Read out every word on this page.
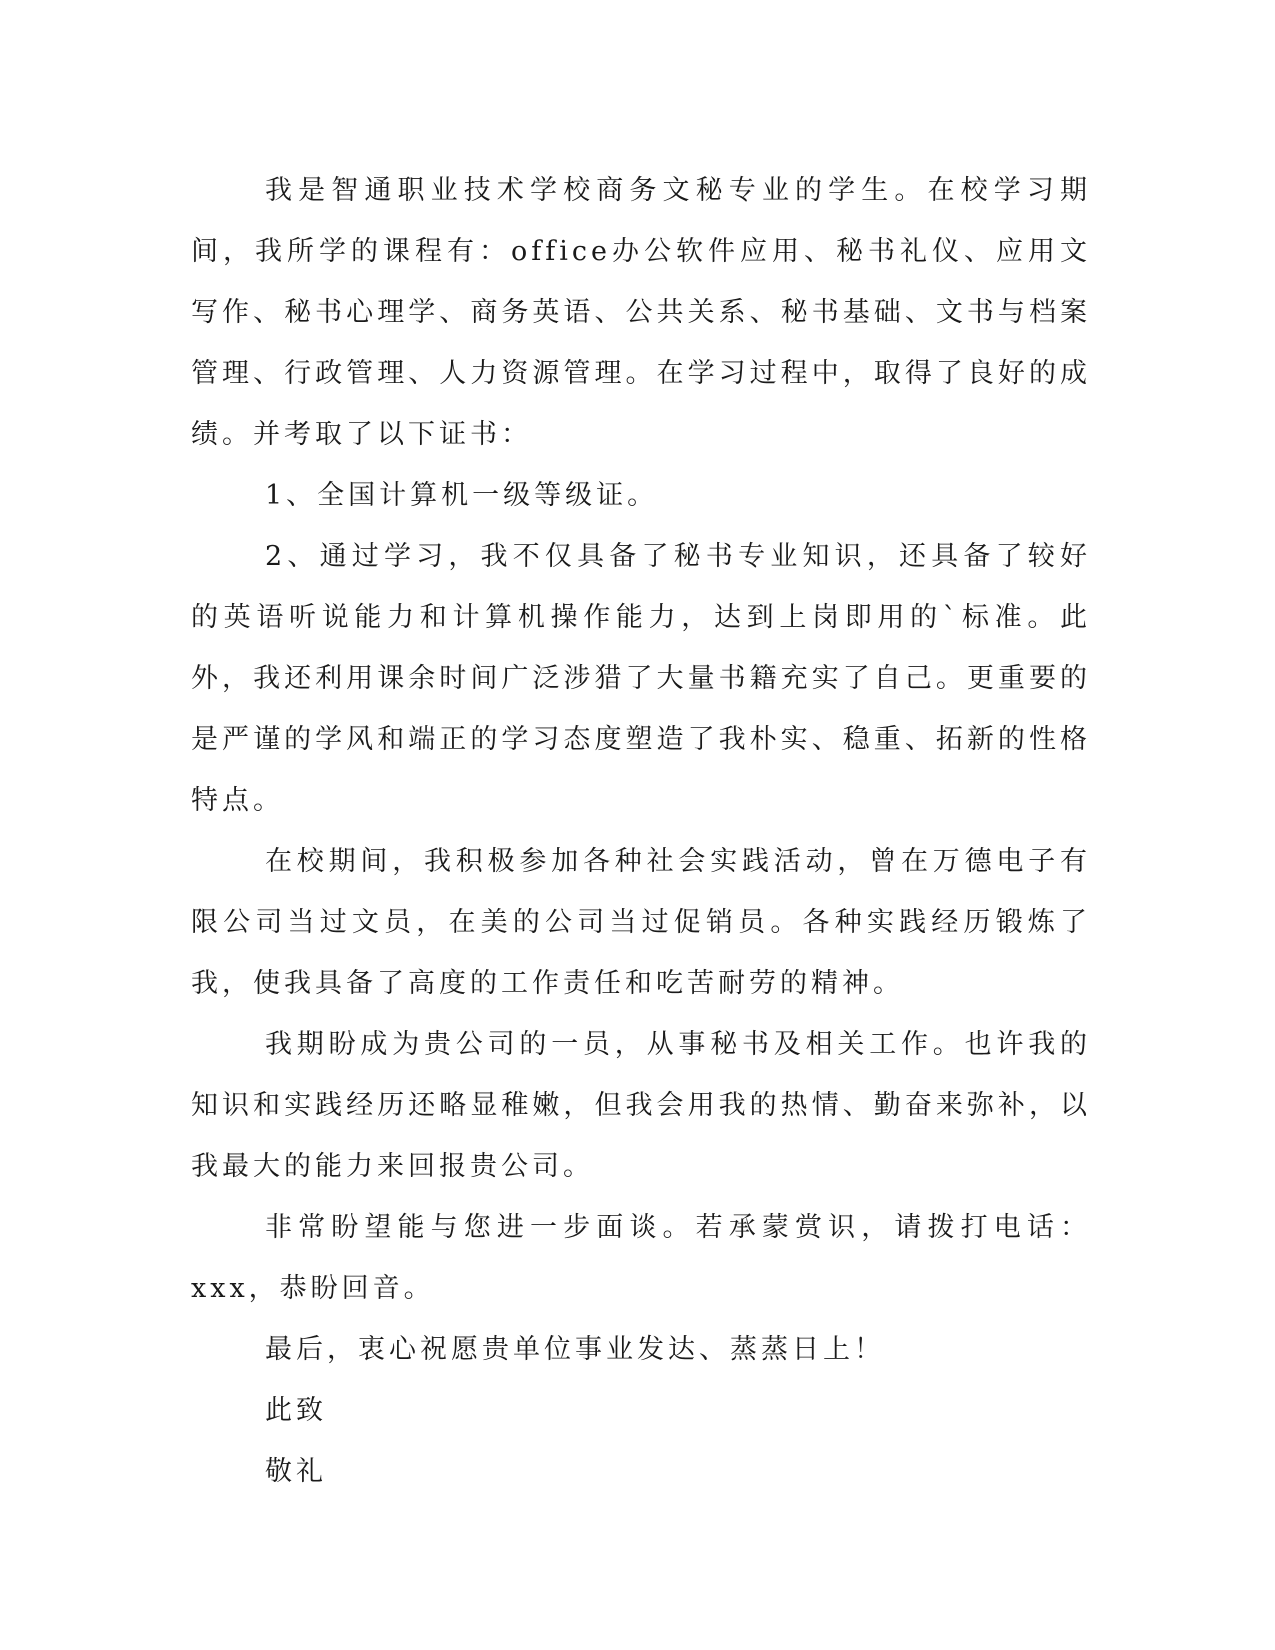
我是智通职业技术学校商务文秘专业的学生。在校学习期间，我所学的课程有：office办公软件应用、秘书礼仪、应用文写作、秘书心理学、商务英语、公共关系、秘书基础、文书与档案管理、行政管理、人力资源管理。在学习过程中，取得了良好的成绩。并考取了以下证书：

1、全国计算机一级等级证。

2、通过学习，我不仅具备了秘书专业知识，还具备了较好的英语听说能力和计算机操作能力，达到上岗即用的`标准。此外，我还利用课余时间广泛涉猎了大量书籍充实了自己。更重要的是严谨的学风和端正的学习态度塑造了我朴实、稳重、拓新的性格特点。

在校期间，我积极参加各种社会实践活动，曾在万德电子有限公司当过文员，在美的公司当过促销员。各种实践经历锻炼了我，使我具备了高度的工作责任和吃苦耐劳的精神。

我期盼成为贵公司的一员，从事秘书及相关工作。也许我的知识和实践经历还略显稚嫩，但我会用我的热情、勤奋来弥补，以我最大的能力来回报贵公司。

非常盼望能与您进一步面谈。若承蒙赏识，请拨打电话：xxx，恭盼回音。

最后，衷心祝愿贵单位事业发达、蒸蒸日上！

此致

敬礼
